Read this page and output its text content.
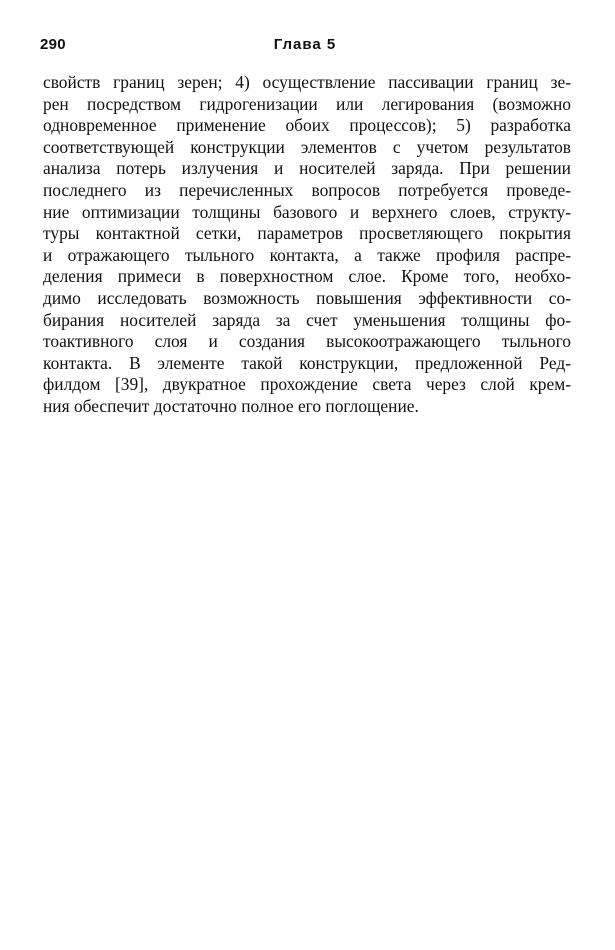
290	Глава 5
свойств границ зерен; 4) осуществление пассивации границ зе-
рен посредством гидрогенизации или легирования (возможно
одновременное применение обоих процессов); 5) разработка
соответствующей конструкции элементов с учетом результатов
анализа потерь излучения и носителей заряда. При решении
последнего из перечисленных вопросов потребуется проведе-
ние оптимизации толщины базового и верхнего слоев, структу-
туры контактной сетки, параметров просветляющего покрытия
и отражающего тыльного контакта, а также профиля распре-
деления примеси в поверхностном слое. Кроме того, необхо-
димо исследовать возможность повышения эффективности со-
бирания носителей заряда за счет уменьшения толщины фо-
тоактивного слоя и создания высокоотражающего тыльного
контакта. В элементе такой конструкции, предложенной Ред-
филдом [39], двукратное прохождение света через слой крем-
ния обеспечит достаточно полное его поглощение.
